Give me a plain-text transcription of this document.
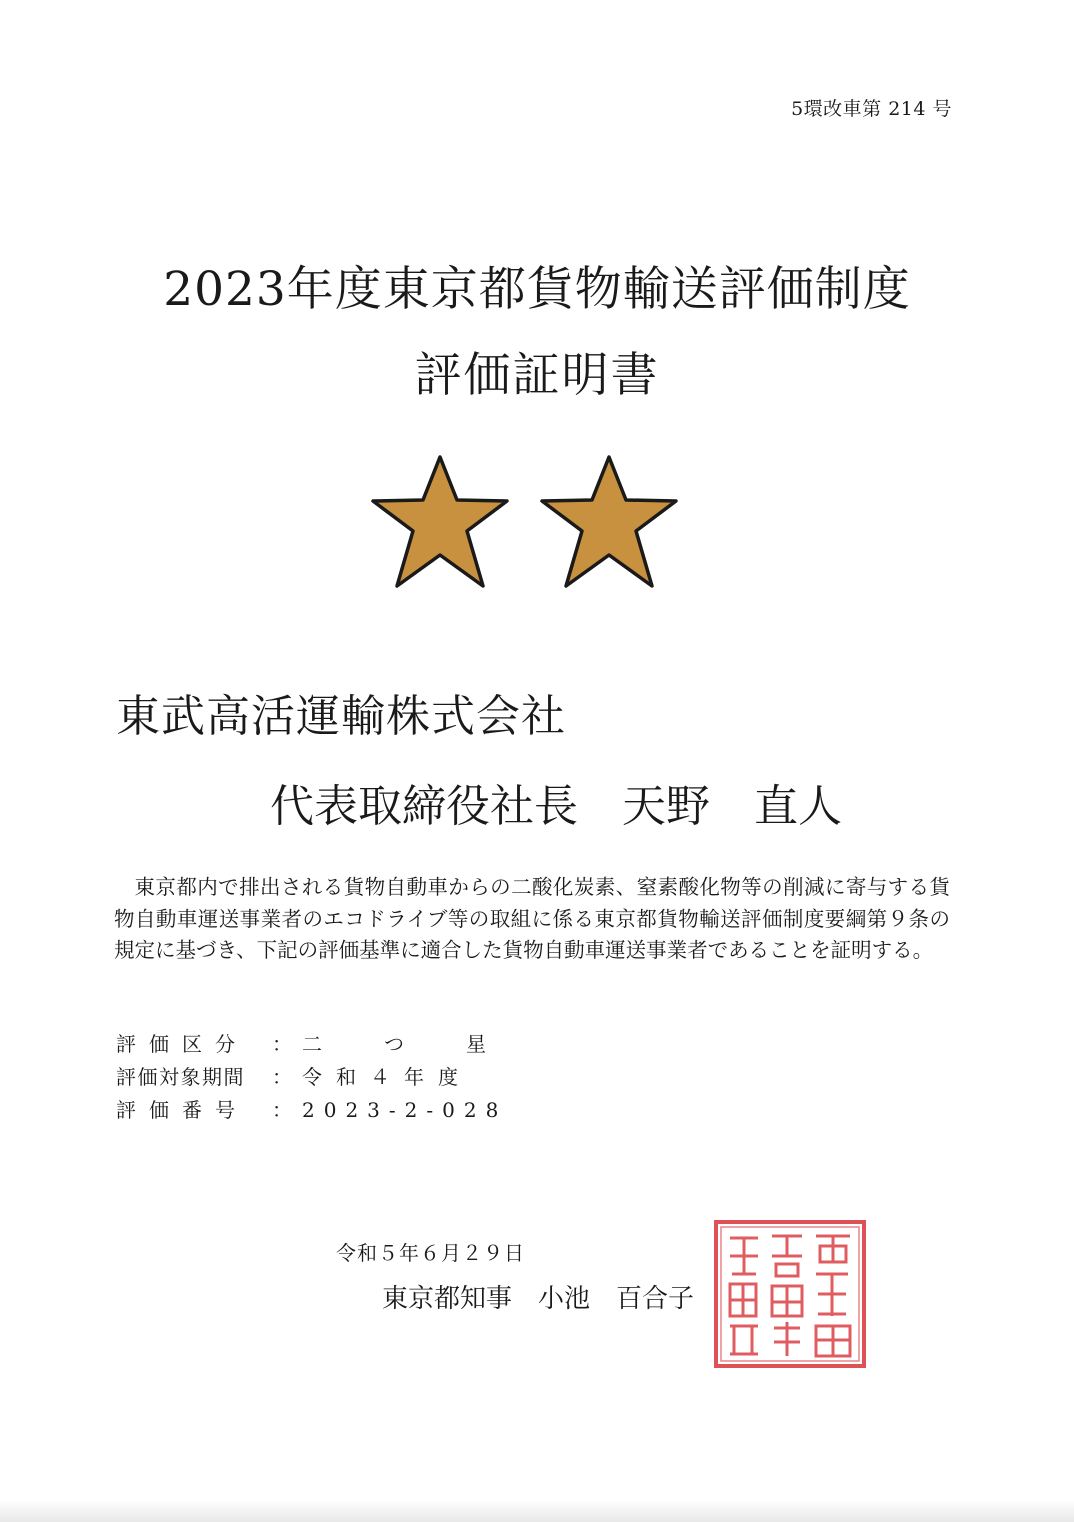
5環改車第 214 号
2023年度東京都貨物輸送評価制度
評価証明書
東武高活運輸株式会社
代表取締役社長　天野　直人
東京都内で排出される貨物自動車からの二酸化炭素、窒素酸化物等の削減に寄与する貨物自動車運送事業者のエコドライブ等の取組に係る東京都貨物輸送評価制度要綱第９条の規定に基づき、下記の評価基準に適合した貨物自動車運送事業者であることを証明する。
評価区分	：	二つ星
評価対象期間	：	令和４年度
評価番号	：	2023-2-028
令和５年６月２９日
東京都知事　小池　百合子
